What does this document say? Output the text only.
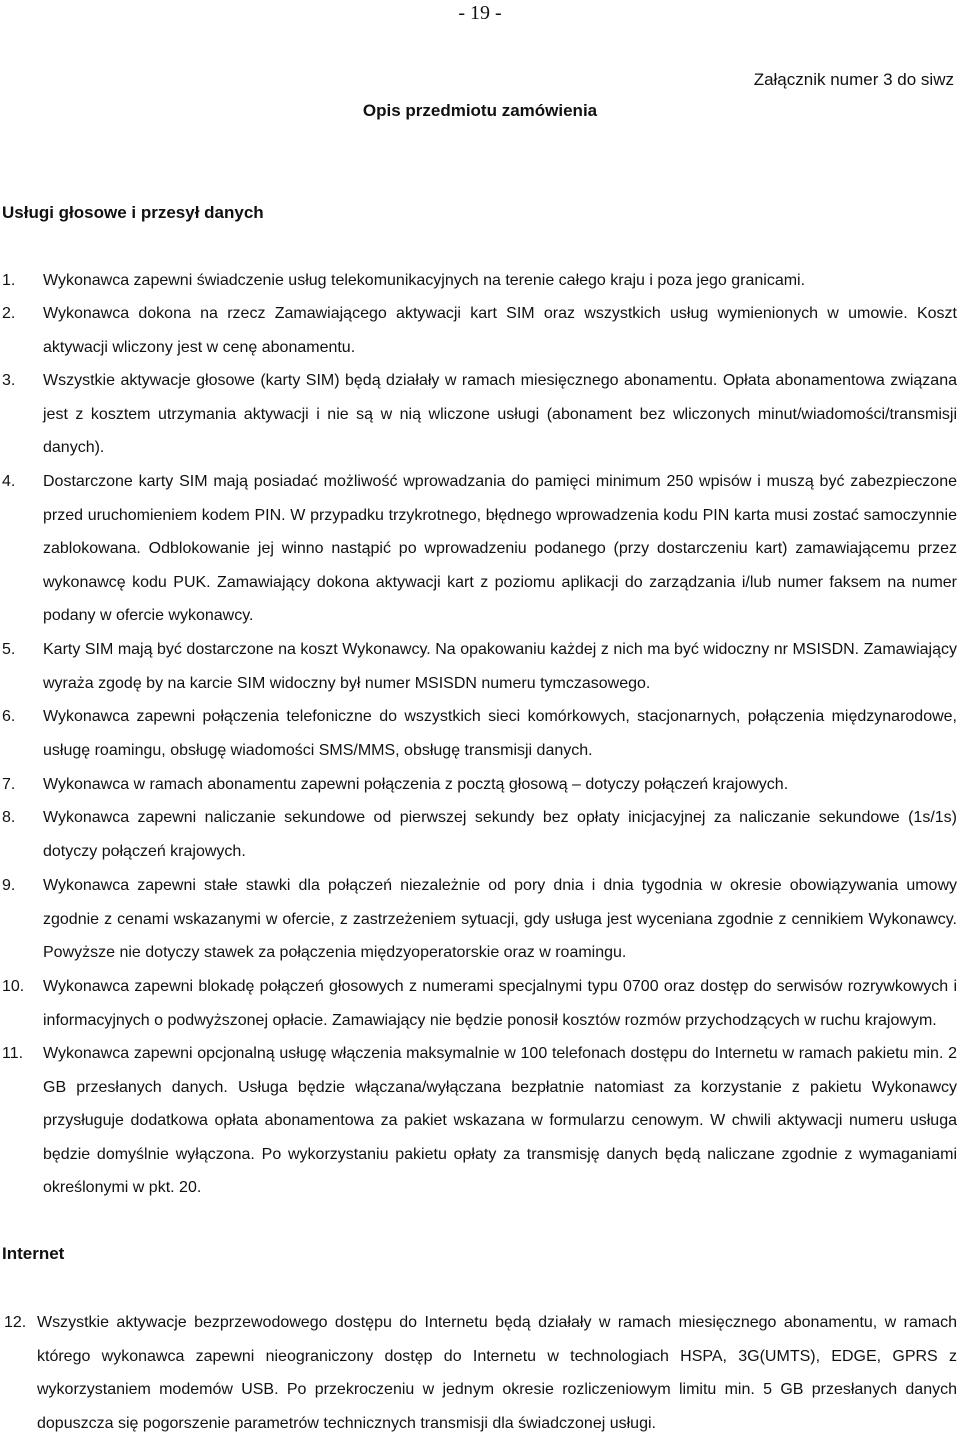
- 19 -
Załącznik numer 3 do siwz
Opis przedmiotu zamówienia
Usługi głosowe i przesył danych
1. Wykonawca zapewni świadczenie usług telekomunikacyjnych na terenie całego kraju i poza jego granicami.
2. Wykonawca dokona na rzecz Zamawiającego aktywacji kart SIM oraz wszystkich usług wymienionych w umowie. Koszt aktywacji wliczony jest w cenę abonamentu.
3. Wszystkie aktywacje głosowe (karty SIM) będą działały w ramach miesięcznego abonamentu. Opłata abonamentowa związana jest z kosztem utrzymania aktywacji i nie są w nią wliczone usługi (abonament bez wliczonych minut/wiadomości/transmisji danych).
4. Dostarczone karty SIM mają posiadać możliwość wprowadzania do pamięci minimum 250 wpisów i muszą być zabezpieczone przed uruchomieniem kodem PIN. W przypadku trzykrotnego, błędnego wprowadzenia kodu PIN karta musi zostać samoczynnie zablokowana. Odblokowanie jej winno nastąpić po wprowadzeniu podanego (przy dostarczeniu kart) zamawiającemu przez wykonawcę kodu PUK. Zamawiający dokona aktywacji kart z poziomu aplikacji do zarządzania i/lub numer faksem na numer podany w ofercie wykonawcy.
5. Karty SIM mają być dostarczone na koszt Wykonawcy. Na opakowaniu każdej z nich ma być widoczny nr MSISDN. Zamawiający wyraża zgodę by na karcie SIM widoczny był numer MSISDN numeru tymczasowego.
6. Wykonawca zapewni połączenia telefoniczne do wszystkich sieci komórkowych, stacjonarnych, połączenia międzynarodowe, usługę roamingu, obsługę wiadomości SMS/MMS, obsługę transmisji danych.
7. Wykonawca w ramach abonamentu zapewni połączenia z pocztą głosową – dotyczy połączeń krajowych.
8. Wykonawca zapewni naliczanie sekundowe od pierwszej sekundy bez opłaty inicjacyjnej za naliczanie sekundowe (1s/1s) dotyczy połączeń krajowych.
9. Wykonawca zapewni stałe stawki dla połączeń niezależnie od pory dnia i dnia tygodnia w okresie obowiązywania umowy zgodnie z cenami wskazanymi w ofercie, z zastrzeżeniem sytuacji, gdy usługa jest wyceniana zgodnie z cennikiem Wykonawcy. Powyższe nie dotyczy stawek za połączenia międzyoperatorskie oraz w roamingu.
10. Wykonawca zapewni blokadę połączeń głosowych z numerami specjalnymi typu 0700 oraz dostęp do serwisów rozrywkowych i informacyjnych o podwyższonej opłacie. Zamawiający nie będzie ponosił kosztów rozmów przychodzących w ruchu krajowym.
11. Wykonawca zapewni opcjonalną usługę włączenia maksymalnie w 100 telefonach dostępu do Internetu w ramach pakietu min. 2 GB przesłanych danych. Usługa będzie włączana/wyłączana bezpłatnie natomiast za korzystanie z pakietu Wykonawcy przysługuje dodatkowa opłata abonamentowa za pakiet wskazana w formularzu cenowym. W chwili aktywacji numeru usługa będzie domyślnie wyłączona. Po wykorzystaniu pakietu opłaty za transmisję danych będą naliczane zgodnie z wymaganiami określonymi w pkt. 20.
Internet
12. Wszystkie aktywacje bezprzewodowego dostępu do Internetu będą działały w ramach miesięcznego abonamentu, w ramach którego wykonawca zapewni nieograniczony dostęp do Internetu w technologiach HSPA, 3G(UMTS), EDGE, GPRS z wykorzystaniem modemów USB. Po przekroczeniu w jednym okresie rozliczeniowym limitu min. 5 GB przesłanych danych dopuszcza się pogorszenie parametrów technicznych transmisji dla świadczonej usługi.
